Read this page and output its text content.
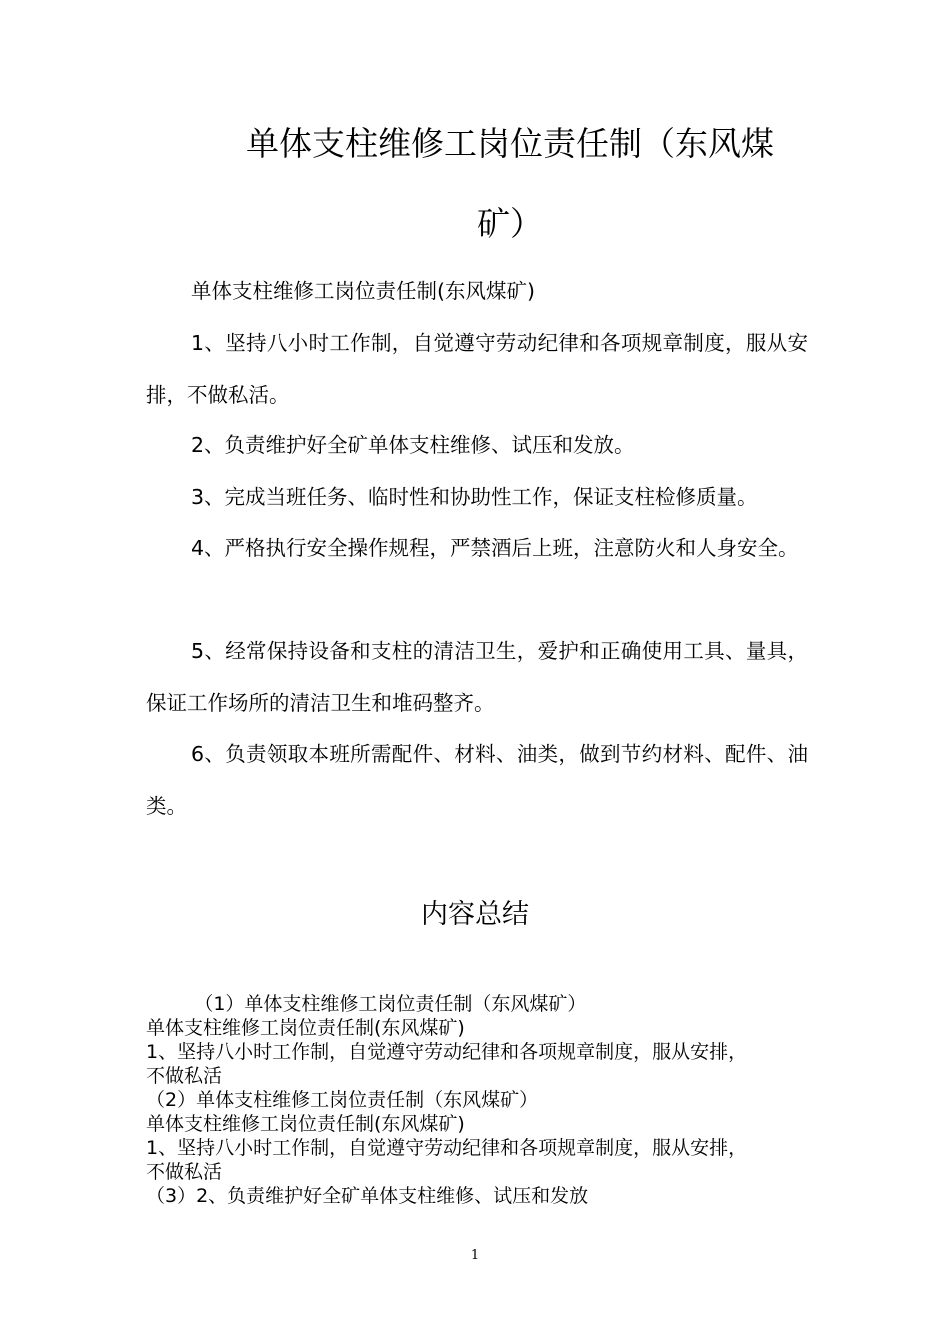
单体支柱维修工岗位责任制（东风煤
矿）
单体支柱维修工岗位责任制(东风煤矿)
1、坚持八小时工作制，自觉遵守劳动纪律和各项规章制度，服从安排，不做私活。
2、负责维护好全矿单体支柱维修、试压和发放。
3、完成当班任务、临时性和协助性工作，保证支柱检修质量。
4、严格执行安全操作规程，严禁酒后上班，注意防火和人身安全。
5、经常保持设备和支柱的清洁卫生，爱护和正确使用工具、量具，保证工作场所的清洁卫生和堆码整齐。
6、负责领取本班所需配件、材料、油类，做到节约材料、配件、油类。
内容总结
（1）单体支柱维修工岗位责任制（东风煤矿）
单体支柱维修工岗位责任制(东风煤矿)
1、坚持八小时工作制，自觉遵守劳动纪律和各项规章制度，服从安排，
不做私活
（2）单体支柱维修工岗位责任制（东风煤矿）
单体支柱维修工岗位责任制(东风煤矿)
1、坚持八小时工作制，自觉遵守劳动纪律和各项规章制度，服从安排，
不做私活
（3）2、负责维护好全矿单体支柱维修、试压和发放
1
